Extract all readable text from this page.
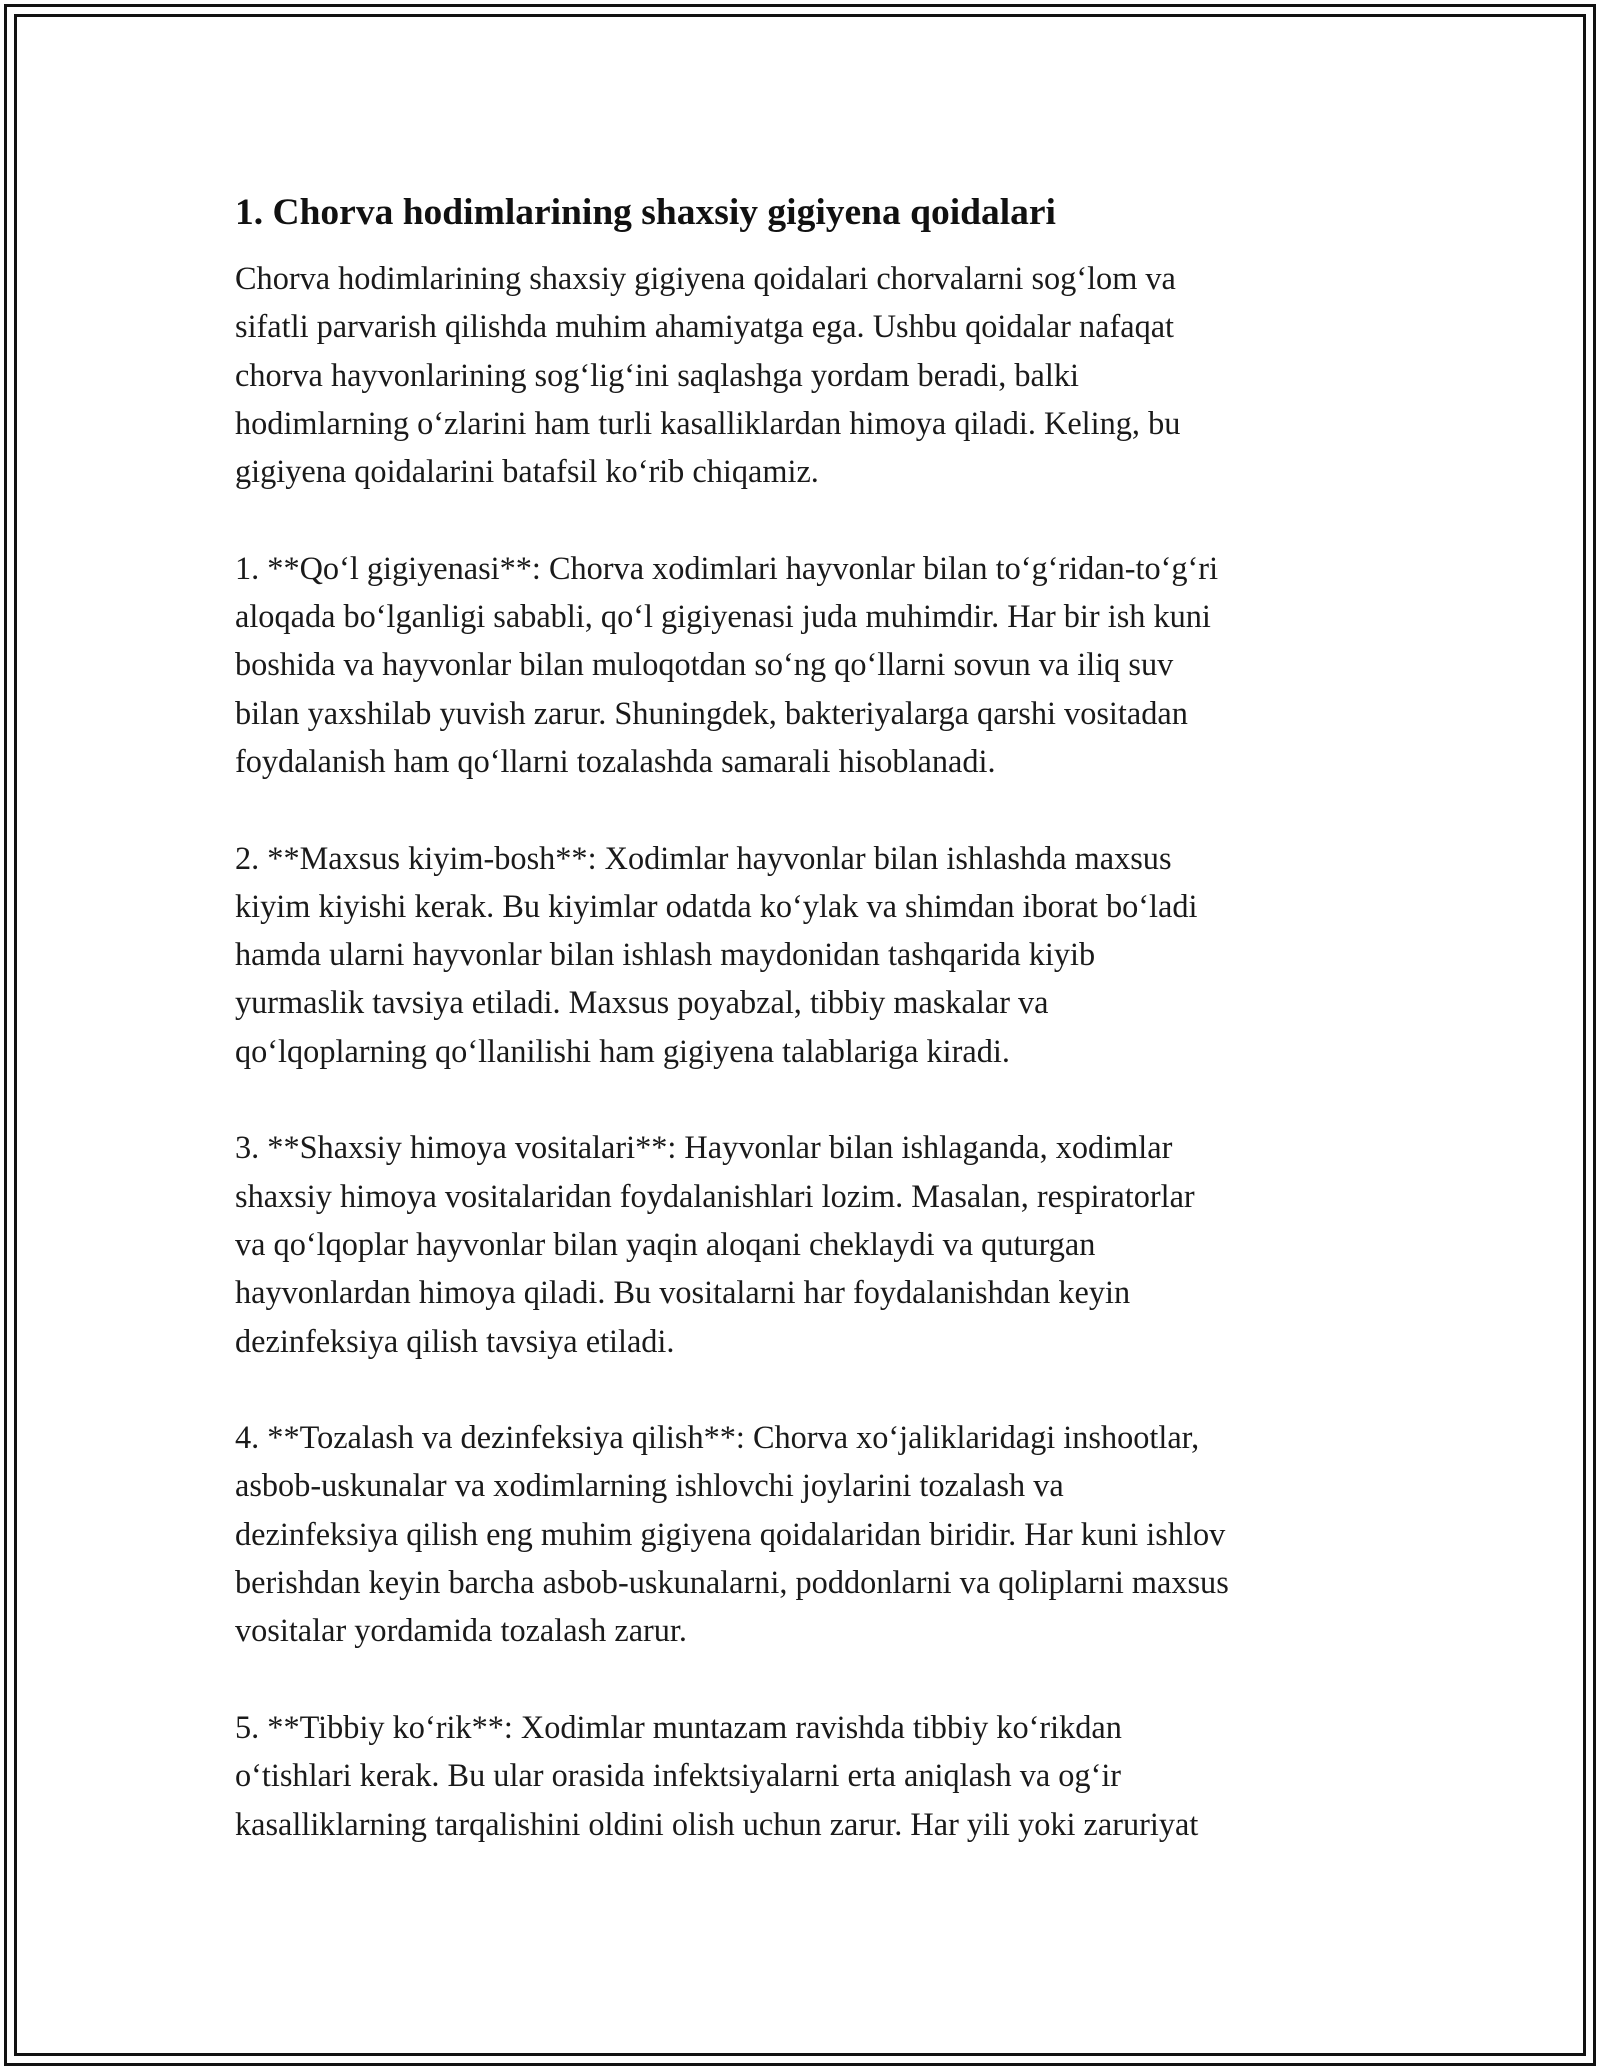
1. Chorva hodimlarining shaxsiy gigiyena qoidalari
Chorva hodimlarining shaxsiy gigiyena qoidalari chorvalarni sog‘lom va
sifatli parvarish qilishda muhim ahamiyatga ega. Ushbu qoidalar nafaqat
chorva hayvonlarining sog‘lig‘ini saqlashga yordam beradi, balki
hodimlarning o‘zlarini ham turli kasalliklardan himoya qiladi. Keling, bu
gigiyena qoidalarini batafsil ko‘rib chiqamiz.
1. **Qo‘l gigiyenasi**: Chorva xodimlari hayvonlar bilan to‘g‘ridan-to‘g‘ri
aloqada bo‘lganligi sababli, qo‘l gigiyenasi juda muhimdir. Har bir ish kuni
boshida va hayvonlar bilan muloqotdan so‘ng qo‘llarni sovun va iliq suv
bilan yaxshilab yuvish zarur. Shuningdek, bakteriyalarga qarshi vositadan
foydalanish ham qo‘llarni tozalashda samarali hisoblanadi.
2. **Maxsus kiyim-bosh**: Xodimlar hayvonlar bilan ishlashda maxsus
kiyim kiyishi kerak. Bu kiyimlar odatda ko‘ylak va shimdan iborat bo‘ladi
hamda ularni hayvonlar bilan ishlash maydonidan tashqarida kiyib
yurmaslik tavsiya etiladi. Maxsus poyabzal, tibbiy maskalar va
qo‘lqoplarning qo‘llanilishi ham gigiyena talablariga kiradi.
3. **Shaxsiy himoya vositalari**: Hayvonlar bilan ishlaganda, xodimlar
shaxsiy himoya vositalaridan foydalanishlari lozim. Masalan, respiratorlar
va qo‘lqoplar hayvonlar bilan yaqin aloqani cheklaydi va quturgan
hayvonlardan himoya qiladi. Bu vositalarni har foydalanishdan keyin
dezinfeksiya qilish tavsiya etiladi.
4. **Tozalash va dezinfeksiya qilish**: Chorva xo‘jaliklaridagi inshootlar,
asbob-uskunalar va xodimlarning ishlovchi joylarini tozalash va
dezinfeksiya qilish eng muhim gigiyena qoidalaridan biridir. Har kuni ishlov
berishdan keyin barcha asbob-uskunalarni, poddonlarni va qoliplarni maxsus
vositalar yordamida tozalash zarur.
5. **Tibbiy ko‘rik**: Xodimlar muntazam ravishda tibbiy ko‘rikdan
o‘tishlari kerak. Bu ular orasida infektsiyalarni erta aniqlash va og‘ir
kasalliklarning tarqalishini oldini olish uchun zarur. Har yili yoki zaruriyat
